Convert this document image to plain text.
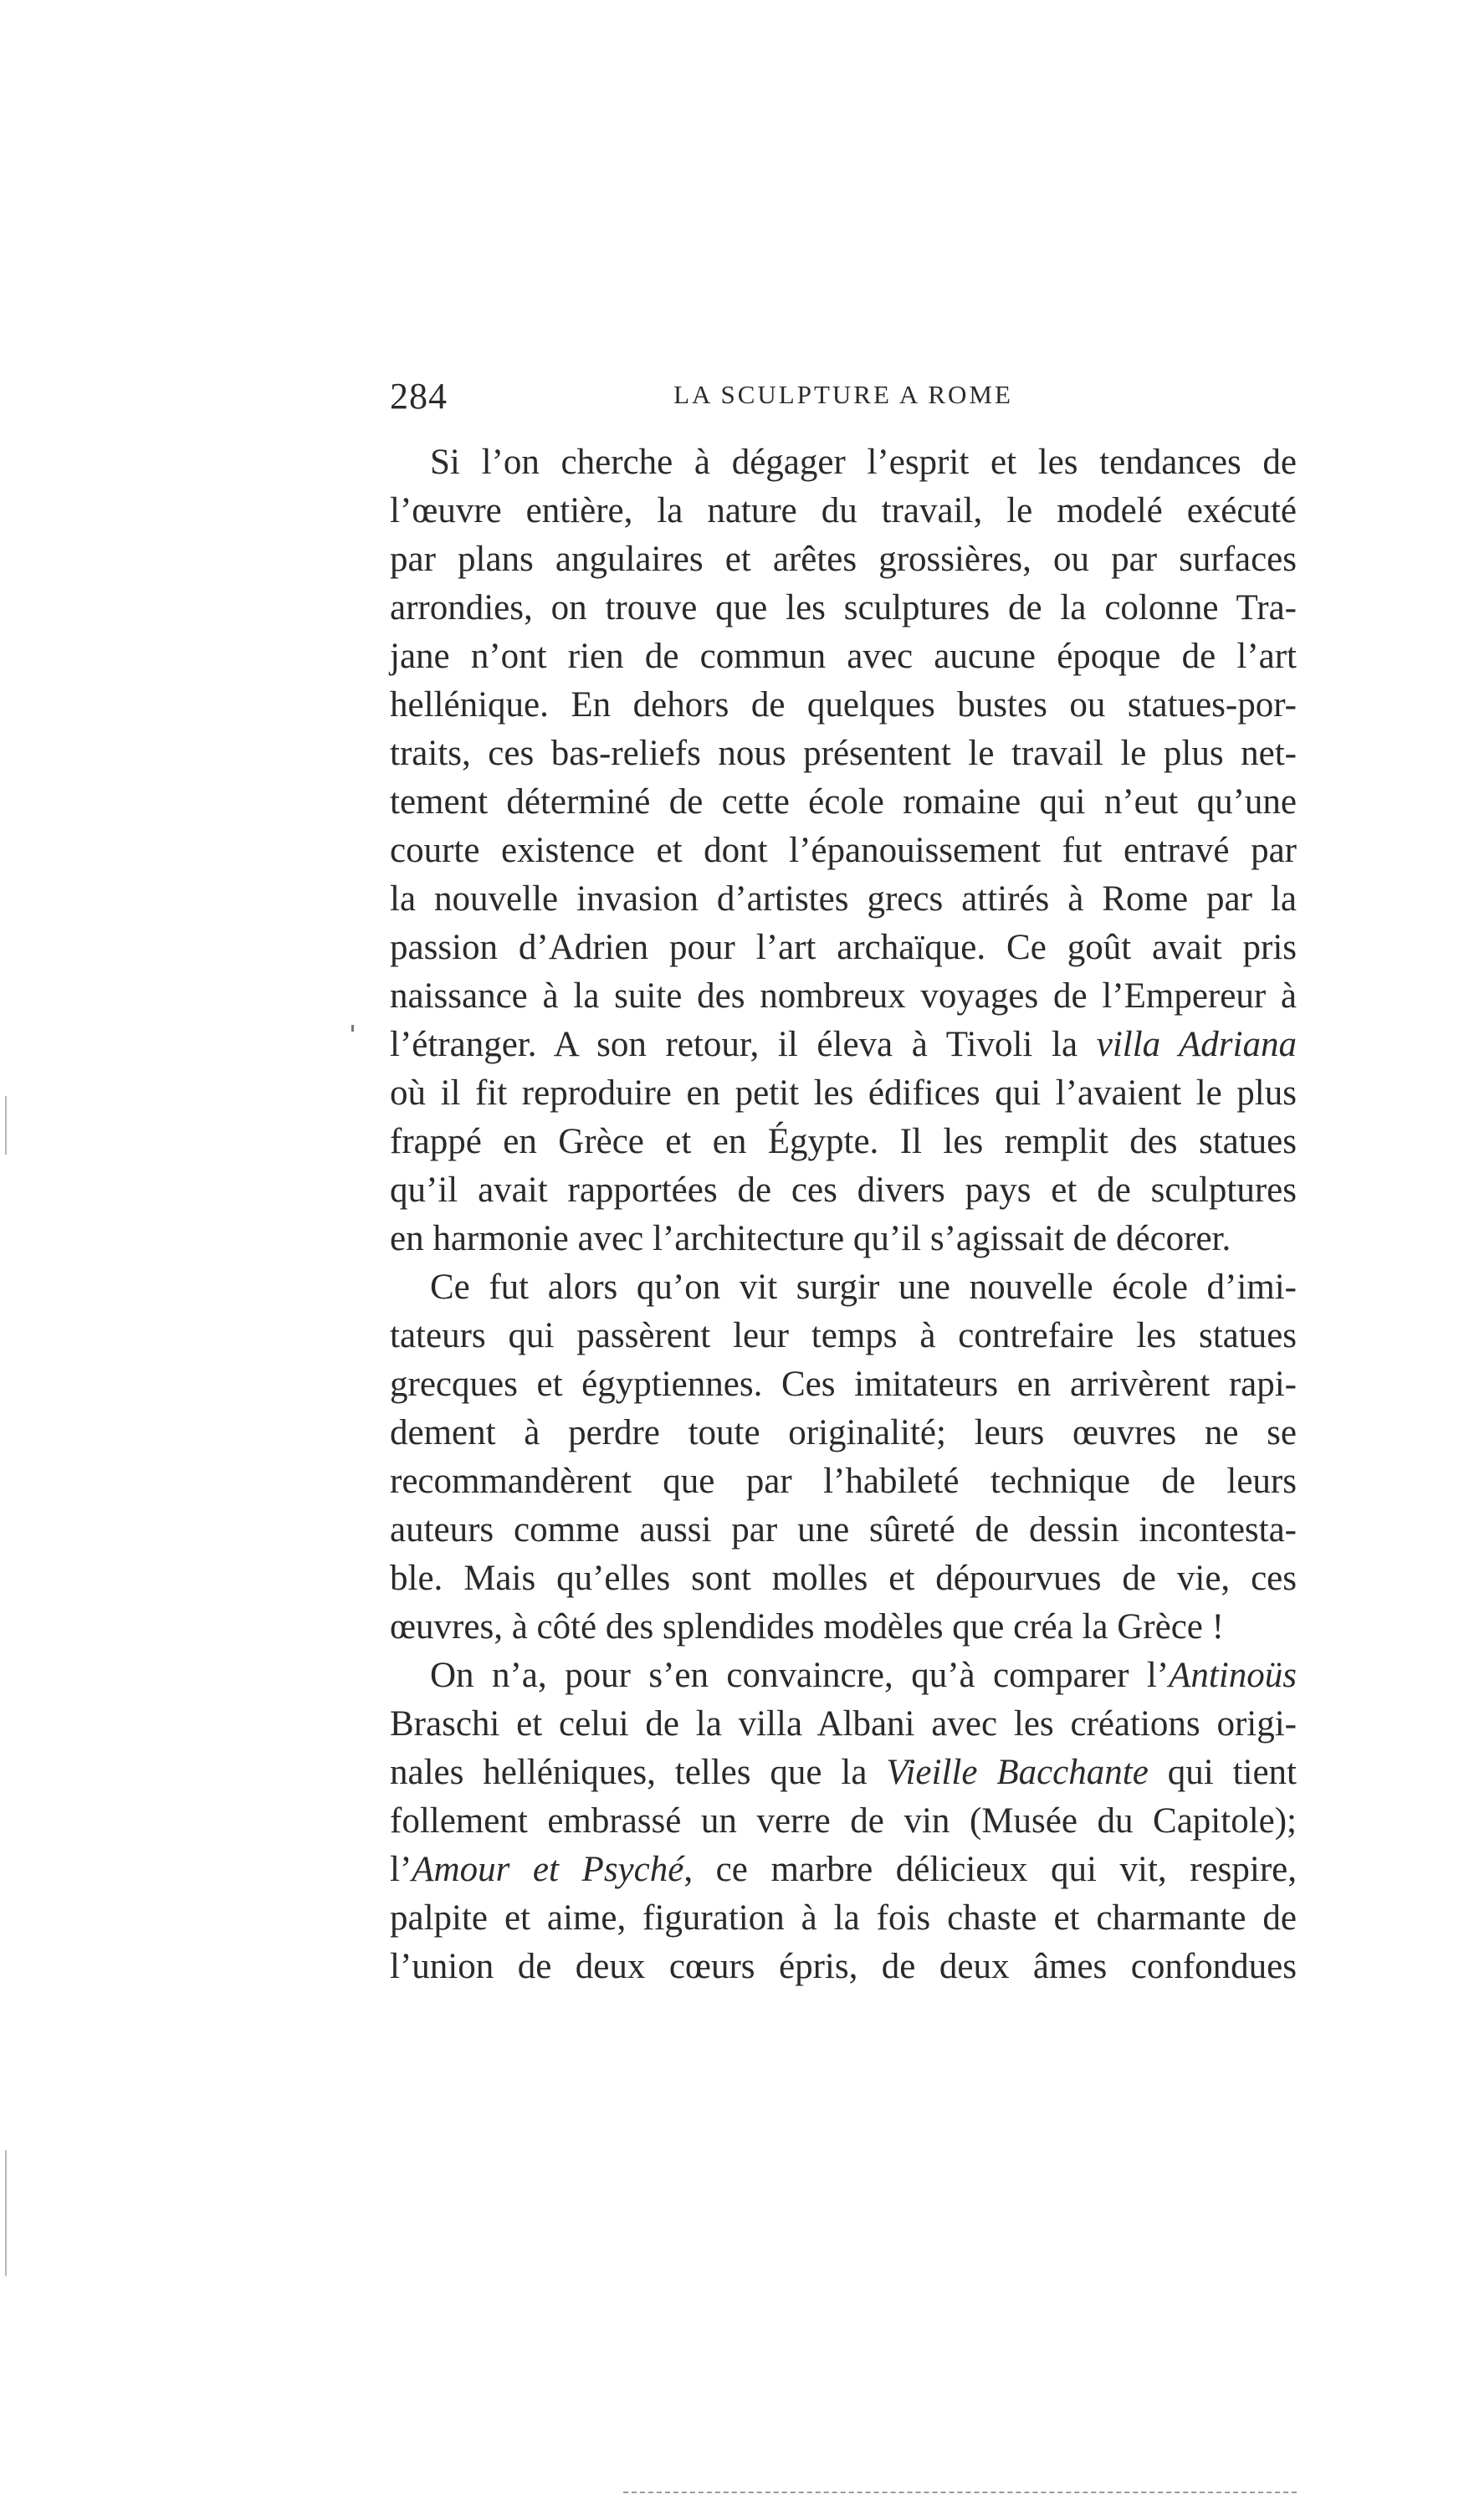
284	LA SCULPTURE A ROME
Si l’on cherche à dégager l’esprit et les tendances de
l’œuvre entière, la nature du travail, le modelé exécuté
par plans angulaires et arêtes grossières, ou par surfaces
arrondies, on trouve que les sculptures de la colonne Tra-
jane n’ont rien de commun avec aucune époque de l’art
hellénique. En dehors de quelques bustes ou statues-por-
traits, ces bas-reliefs nous présentent le travail le plus net-
tement déterminé de cette école romaine qui n’eut qu’une
courte existence et dont l’épanouissement fut entravé par
la nouvelle invasion d’artistes grecs attirés à Rome par la
passion d’Adrien pour l’art archaïque. Ce goût avait pris
naissance à la suite des nombreux voyages de l’Empereur à
l’étranger. A son retour, il éleva à Tivoli la villa Adriana
où il fit reproduire en petit les édifices qui l’avaient le plus
frappé en Grèce et en Égypte. Il les remplit des statues
qu’il avait rapportées de ces divers pays et de sculptures
en harmonie avec l’architecture qu’il s’agissait de décorer.
Ce fut alors qu’on vit surgir une nouvelle école d’imi-
tateurs qui passèrent leur temps à contrefaire les statues
grecques et égyptiennes. Ces imitateurs en arrivèrent rapi-
dement à perdre toute originalité; leurs œuvres ne se
recommandèrent que par l’habileté technique de leurs
auteurs comme aussi par une sûreté de dessin incontesta-
ble. Mais qu’elles sont molles et dépourvues de vie, ces
œuvres, à côté des splendides modèles que créa la Grèce !
On n’a, pour s’en convaincre, qu’à comparer l’Antinoüs
Braschi et celui de la villa Albani avec les créations origi-
nales helléniques, telles que la Vieille Bacchante qui tient
follement embrassé un verre de vin (Musée du Capitole);
l’Amour et Psyché, ce marbre délicieux qui vit, respire,
palpite et aime, figuration à la fois chaste et charmante de
l’union de deux cœurs épris, de deux âmes confondues
